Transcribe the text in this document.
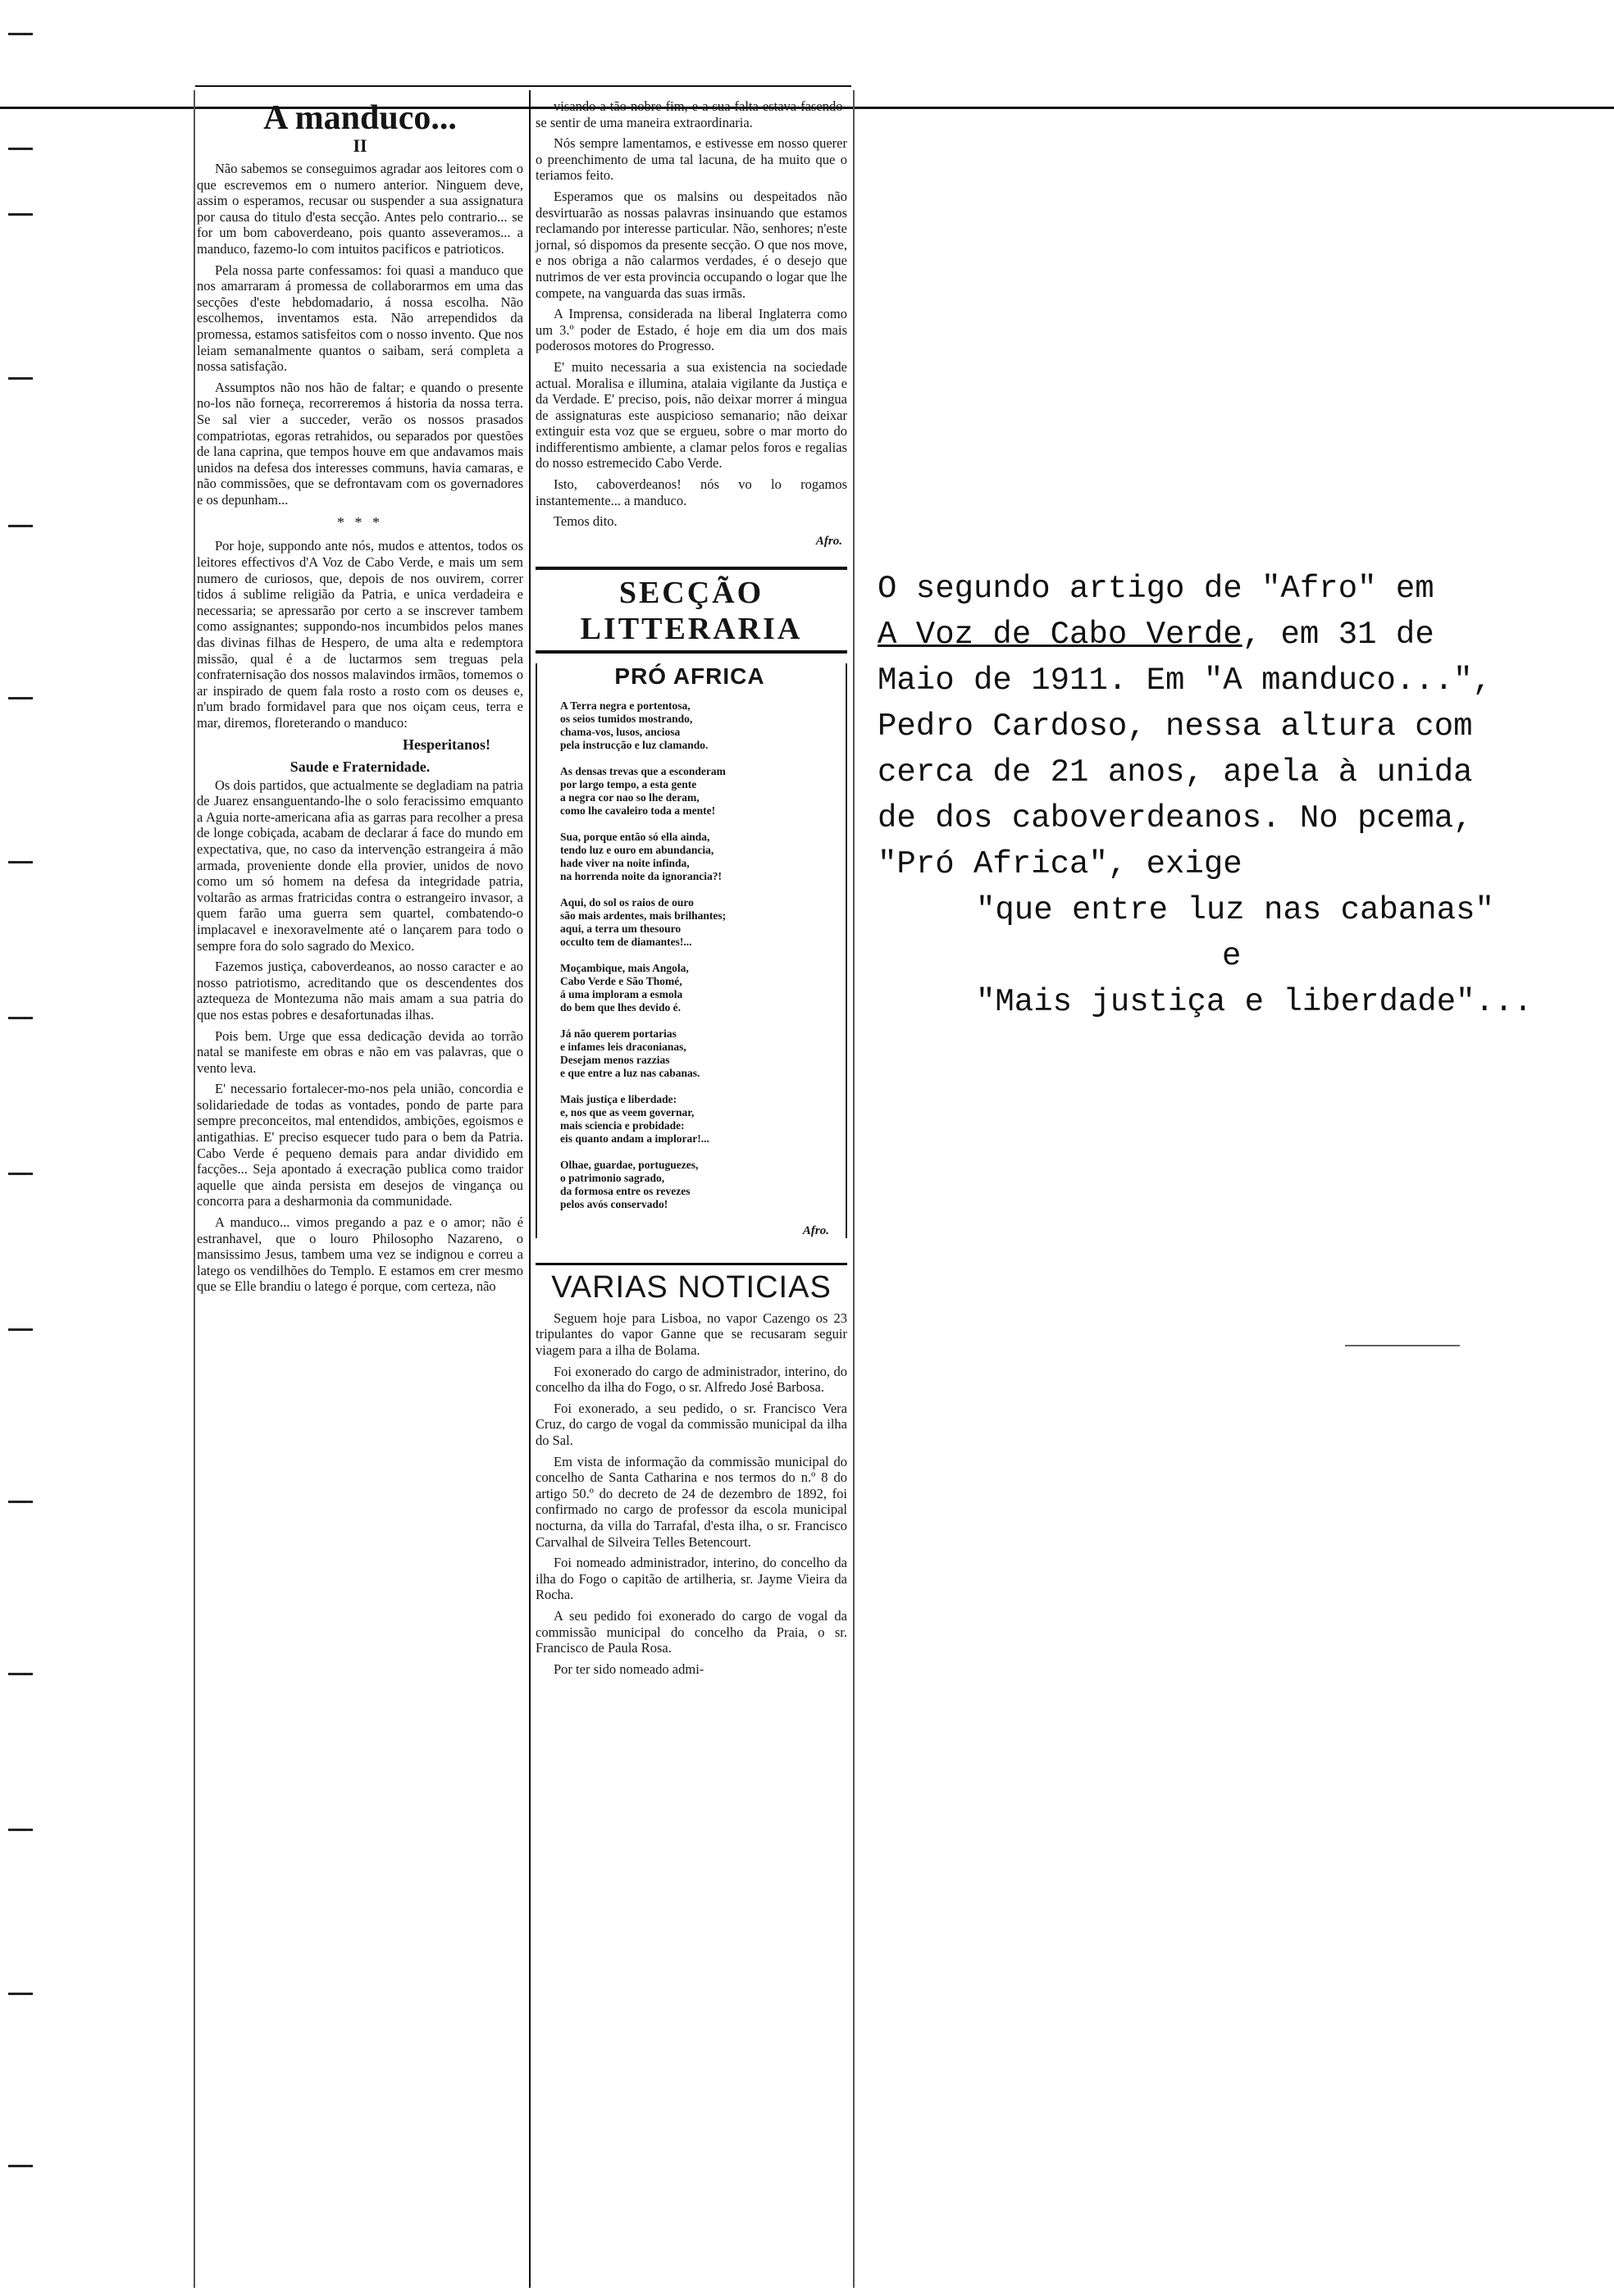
A manduco...
II

Não sabemos se conseguimos agradar aos leitores com o que escrevemos em o numero anterior. Ninguem deve, assim o esperamos, recusar ou suspender a sua assignatura por causa do titulo d'esta secção. Antes pelo contrario... se for um bom caboverdeano, pois quanto asseveramos... a manduco, fazemo-lo com intuitos pacificos e patrioticos.

Pela nossa parte confessamos: foi quasi a manduco que nos amarraram á promessa de collaborarmos em uma das secções d'este hebdomadario, á nossa escolha. Não escolhemos, inventamos esta. Não arrependidos da promessa, estamos satisfeitos com o nosso invento. Que nos leiam semanalmente quantos o saibam, será completa a nossa satisfação.

Assumptos não nos hão de faltar; e quando o presente no-los não forneça, recorreremos á historia da nossa terra. Se sal vier a succeder, verão os nossos prasados compatriotas, egoras retrahidos, ou separados por questões de lana caprina, que tempos houve em que andavamos mais unidos na defesa dos interesses communs, havia camaras, e não commissões, que se defrontavam com os governadores e os depunham...

* * *

Por hoje, suppondo ante nós, mudos e attentos, todos os leitores effectivos d'A Voz de Cabo Verde, e mais um sem numero de curiosos, que, depois de nos ouvirem, correr tidos á sublime religião da Patria, e unica verdadeira e necessaria; se apressarão por certo a se inscrever tambem como assignantes; suppondo-nos incumbidos pelos manes das divinas filhas de Hespero, de uma alta e redemptora missão, qual é a de luctarmos sem treguas pela confraternisação dos nossos malavindos irmãos, tomemos o ar inspirado de quem fala rosto a rosto com os deuses e, n'um brado formidavel para que nos oiçam ceus, terra e mar, diremos, floreterando o manduco:

Hesperitanos!
Saude e Fraternidade.

Os dois partidos, que actualmente se degladiam na patria de Juarez ensanguentando-lhe o solo feracissimo emquanto a Aguia norte-americana afia as garras para recolher a presa de longe cobiçada, acabam de declarar á face do mundo em expectativa, que, no caso da intervenção estrangeira á mão armada, proveniente donde ella provier, unidos de novo como um só homem na defesa da integridade patria, voltarão as armas fratricidas contra o estrangeiro invasor, a quem farão uma guerra sem quartel, combatendo-o implacavel e inexoravelmente até o lançarem para todo o sempre fora do solo sagrado do Mexico.

Fazemos justiça, caboverdeanos, ao nosso caracter e ao nosso patriotismo, acreditando que os descendentes dos aztequeza de Montezuma não mais amam a sua patria do que nos estas pobres e desafortunadas ilhas.

Pois bem. Urge que essa dedicação devida ao torrão natal se manifeste em obras e não em vas palavras, que o vento leva.

E' necessario fortalecer-mo-nos pela união, concordia e solidariedade de todas as vontades, pondo de parte para sempre preconceitos, mal entendidos, ambições, egoismos e antigathias. E' preciso esquecer tudo para o bem da Patria. Cabo Verde é pequeno demais para andar dividido em facções... Seja apontado á execração publica como traidor aquelle que ainda persista em desejos de vingança ou concorra para a desharmonia da communidade.

A manduco... vimos pregando a paz e o amor; não é estranhavel, que o louro Philosopho Nazareno, o mansissimo Jesus, tambem uma vez se indignou e correu a latego os vendilhões do Templo. E estamos em crer mesmo que se Elle brandiu o latego é porque, com certeza, não

visando a tão nobre fim, e a sua falta estava fasendo-se sentir de uma maneira extraordinaria.

Nós sempre lamentamos, e estivesse em nosso querer o preenchimento de uma tal lacuna, de ha muito que o teriamos feito.

Esperamos que os malsins ou despeitados não desvirtuarão as nossas palavras insinuando que estamos reclamando por interesse particular. Não, senhores; n'este jornal, só dispomos da presente secção. O que nos move, e nos obriga a não calarmos verdades, é o desejo que nutrimos de ver esta provincia occupando o logar que lhe compete, na vanguarda das suas irmãs.

A Imprensa, considerada na liberal Inglaterra como um 3.º poder de Estado, é hoje em dia um dos mais poderosos motores do Progresso.

E' muito necessaria a sua existencia na sociedade actual. Moralisa e illumina, atalaia vigilante da Justiça e da Verdade. E' preciso, pois, não deixar morrer á mingua de assignaturas este auspicioso semanario; não deixar extinguir esta voz que se ergueu, sobre o mar morto do indifferentismo ambiente, a clamar pelos foros e regalias do nosso estremecido Cabo Verde.

Isto, caboverdeanos! nós vo lo rogamos instantemente... a manduco.

Temos dito.

Afro.
SECÇÃO LITTERARIA
PRÓ AFRICA
A Terra negra e portentosa,
os seios tumidos mostrando,
chama-vos, lusos, anciosa
pela instrucção e luz clamando.
As densas trevas que a esconderam
por largo tempo, a esta gente
a negra cor nao so lhe deram,
como lhe cavaleiro toda a mente!
Sua, porque então só ella ainda,
tendo luz e ouro em abundancia,
hade viver na noite infinda,
na horrenda noite da ignorancia?!
Aqui, do sol os raios de ouro
são mais ardentes, mais brilhantes;
aqui, a terra um thesouro
occulto tem de diamantes!...
Moçambique, mais Angola,
Cabo Verde e São Thomé,
á uma imploram a esmola
do bem que lhes devido é.
Já não querem portarias
e infames leis draconianas,
Desejam menos razzias
e que entre a luz nas cabanas.
Mais justiça e liberdade:
e, nos que as veem governar,
mais sciencia e probidade:
eis quanto andam a implorar!...
Olhae, guardae, portuguezes,
o patrimonio sagrado,
da formosa entre os revezes
pelos avós conservado!
Afro.
VARIAS NOTICIAS

Seguem hoje para Lisboa, no vapor Cazengo os 23 tripulantes do vapor Ganne que se recusaram seguir viagem para a ilha de Bolama.

Foi exonerado do cargo de administrador, interino, do concelho da ilha do Fogo, o sr. Alfredo José Barbosa.

Foi exonerado, a seu pedido, o sr. Francisco Vera Cruz, do cargo de vogal da commissão municipal da ilha do Sal.

Em vista de informação da commissão municipal do concelho de Santa Catharina e nos termos do n.º 8 do artigo 50.º do decreto de 24 de dezembro de 1892, foi confirmado no cargo de professor da escola municipal nocturna, da villa do Tarrafal, d'esta ilha, o sr. Francisco Carvalhal de Silveira Telles Betencourt.

Foi nomeado administrador, interino, do concelho da ilha do Fogo o capitão de artilheria, sr. Jayme Vieira da Rocha.

A seu pedido foi exonerado do cargo de vogal da commissão municipal do concelho da Praia, o sr. Francisco de Paula Rosa.

Por ter sido nomeado admi-

O segundo artigo de "Afro" em
A Voz de Cabo Verde, em 31 de
Maio de 1911. Em "A manduco...",
Pedro Cardoso, nessa altura com
cerca de 21 anos, apela à unida
de dos caboverdeanos. No pcema,
"Pró Africa", exige
"que entre luz nas cabanas"
e
"Mais justiça e liberdade"...
